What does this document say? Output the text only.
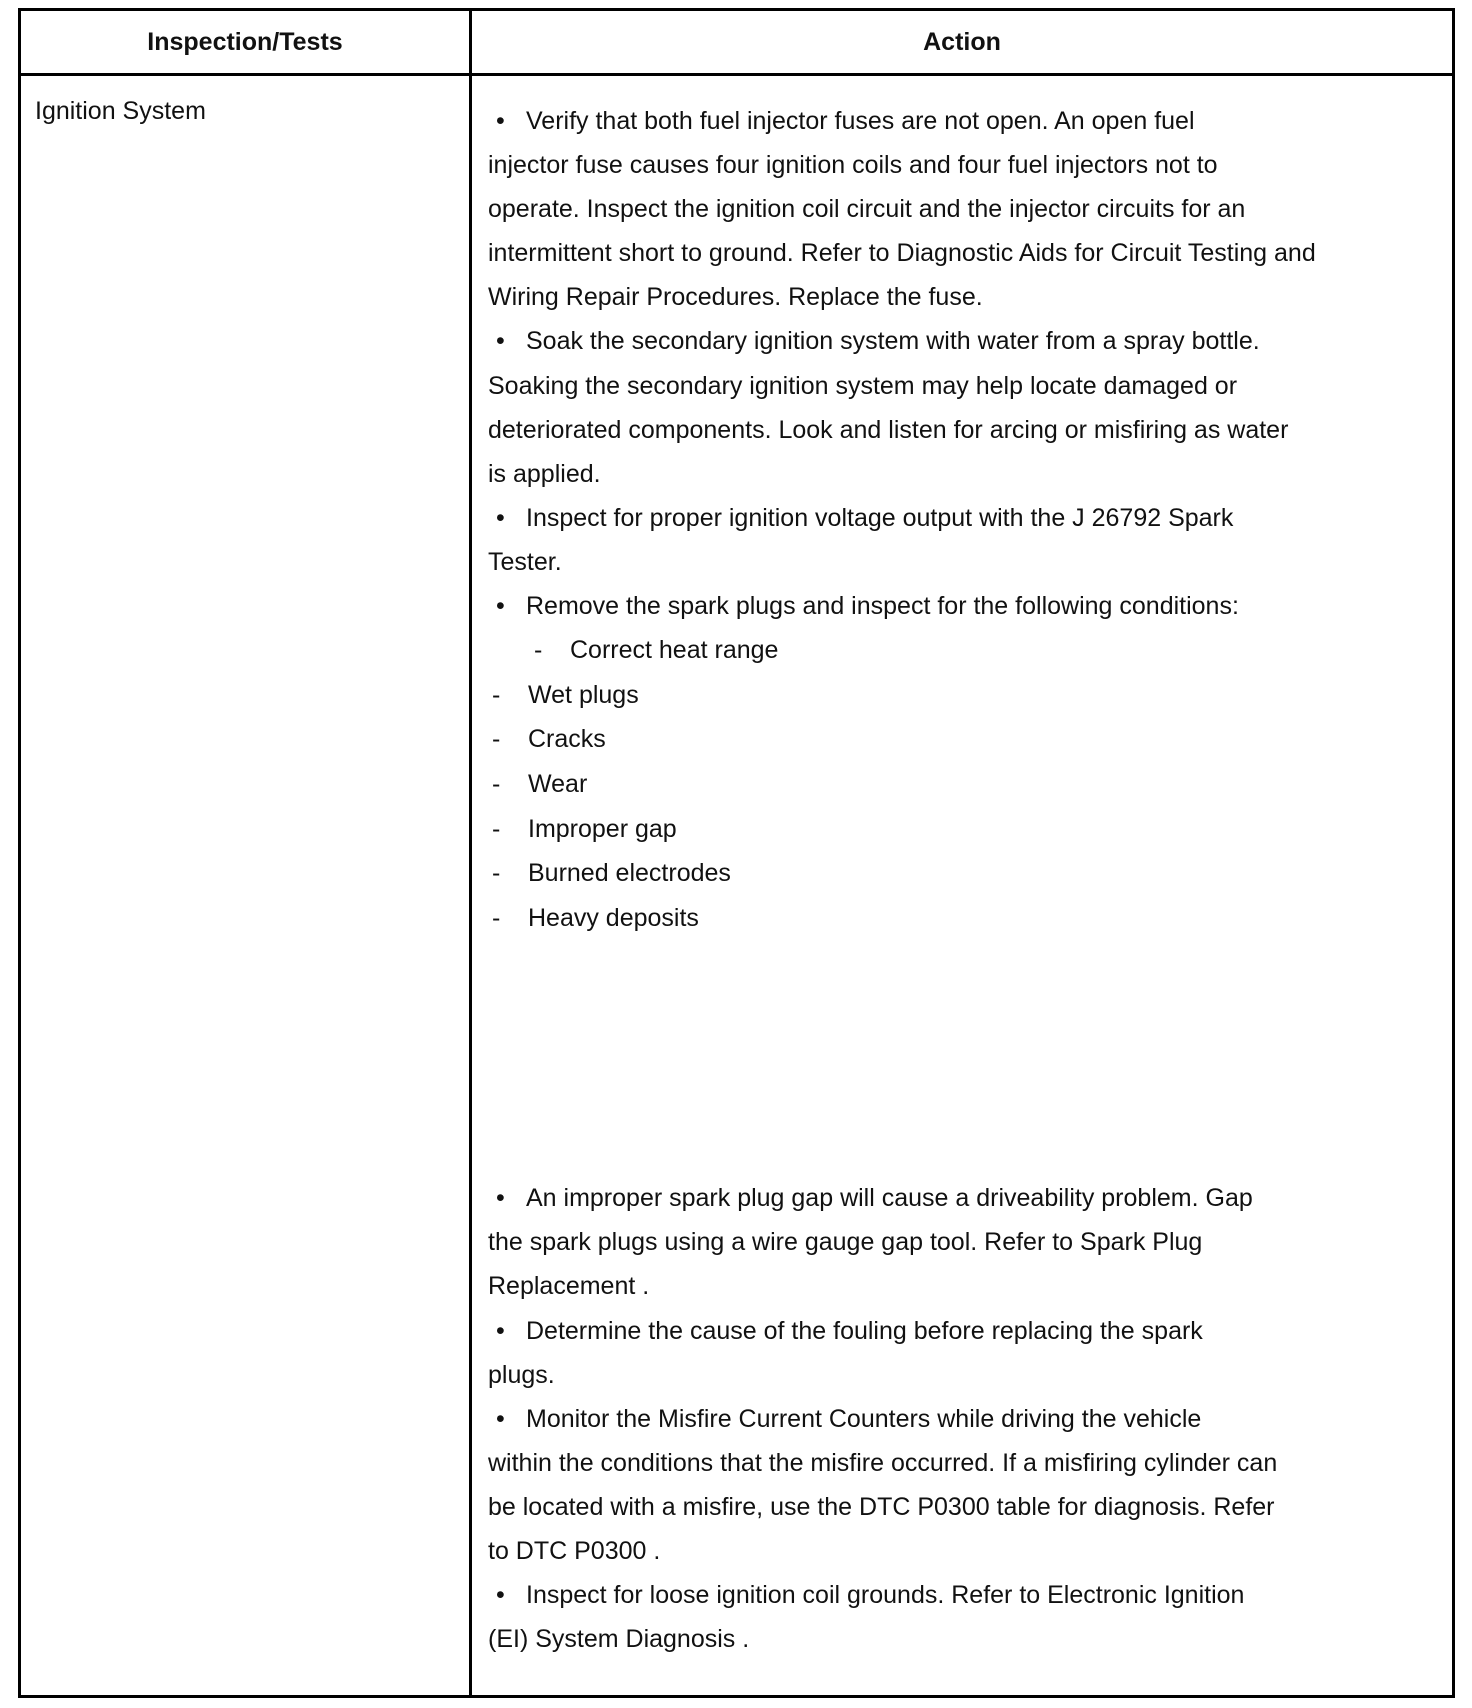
Inspection/Tests	Action
Ignition System	• Verify that both fuel injector fuses are not open. An open fuel
injector fuse causes four ignition coils and four fuel injectors not to
operate. Inspect the ignition coil circuit and the injector circuits for an
intermittent short to ground. Refer to Diagnostic Aids for Circuit Testing and
Wiring Repair Procedures. Replace the fuse.
• Soak the secondary ignition system with water from a spray bottle.
Soaking the secondary ignition system may help locate damaged or
deteriorated components. Look and listen for arcing or misfiring as water
is applied.
• Inspect for proper ignition voltage output with the J 26792 Spark
Tester.
• Remove the spark plugs and inspect for the following conditions:
- Correct heat range
- Wet plugs
- Cracks
- Wear
- Improper gap
- Burned electrodes
- Heavy deposits
• An improper spark plug gap will cause a driveability problem. Gap
the spark plugs using a wire gauge gap tool. Refer to Spark Plug
Replacement .
• Determine the cause of the fouling before replacing the spark
plugs.
• Monitor the Misfire Current Counters while driving the vehicle
within the conditions that the misfire occurred. If a misfiring cylinder can
be located with a misfire, use the DTC P0300 table for diagnosis. Refer
to DTC P0300 .
• Inspect for loose ignition coil grounds. Refer to Electronic Ignition
(EI) System Diagnosis .
